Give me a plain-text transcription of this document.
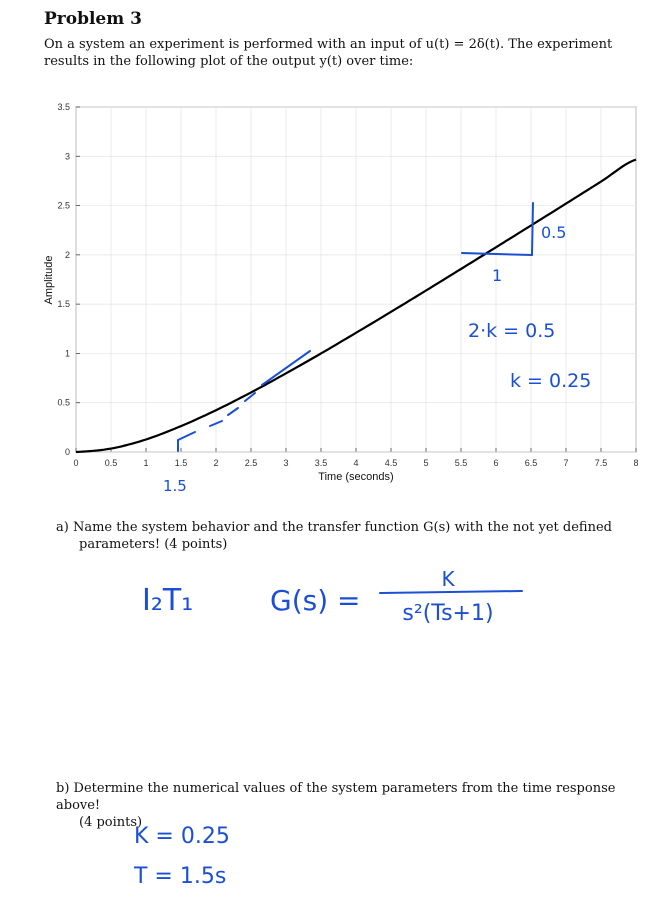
Problem 3
On a system an experiment is performed with an input of u(t) = 2δ(t). The experiment
results in the following plot of the output y(t) over time:
0	0.5	1	1.5	2	2.5	3	3.5	4	4.5	5	5.5	6	6.5	7	7.5	8
0
0.5
1
1.5
2
2.5
3
3.5
Time (seconds)
Amplitude
1.5
0.5
1
2·k = 0.5
k = 0.25
a) Name the system behavior and the transfer function G(s) with the not yet defined

parameters! (4 points)
I₂T₁	G(s) =
K
s²(Ts+1)
b) Determine the numerical values of the system parameters from the time response above!

(4 points)
K = 0.25
T = 1.5s
